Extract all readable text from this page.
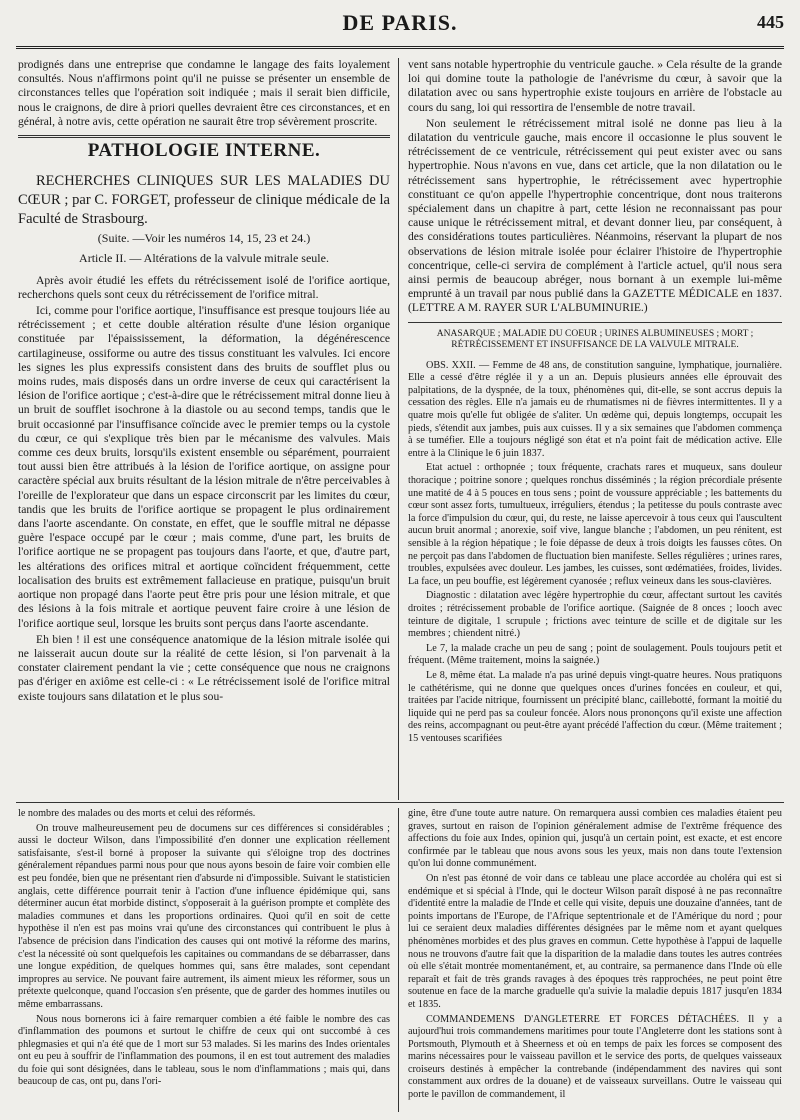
DE PARIS.	445

prodignés dans une entreprise que condamne le langage des faits loyalement consultés. Nous n'affirmons point qu'il ne puisse se présenter un ensemble de circonstances telles que l'opération soit indiquée ; mais il serait bien difficile, nous le craignons, de dire à priori quelles devraient être ces circonstances, et en général, à notre avis, cette opération ne saurait être trop sévèrement proscrite.

PATHOLOGIE INTERNE.

RECHERCHES CLINIQUES SUR LES MALADIES DU CŒUR ; par C. FORGET, professeur de clinique médicale de la Faculté de Strasbourg.

(Suite. —Voir les numéros 14, 15, 23 et 24.)
Article II. — Altérations de la valvule mitrale seule.

Après avoir étudié les effets du rétrécissement isolé de l'orifice aortique, recherchons quels sont ceux du rétrécissement de l'orifice mitral.

Ici, comme pour l'orifice aortique, l'insuffisance est presque toujours liée au rétrécissement ; et cette double altération résulte d'une lésion organique constituée par l'épaississement, la déformation, la dégénérescence cartilagineuse, ossiforme ou autre des tissus constituant les valvules. Ici encore les signes les plus expressifs consistent dans des bruits de soufflet plus ou moins rudes, mais disposés dans un ordre inverse de ceux qui caractérisent la lésion de l'orifice aortique ; c'est-à-dire que le rétrécissement mitral donne lieu à un bruit de soufflet isochrone à la diastole ou au second temps, tandis que le bruit occasionné par l'insuffisance coïncide avec le premier temps ou la cystole du cœur, ce qui s'explique très bien par le mécanisme des valvules. Mais comme ces deux bruits, lorsqu'ils existent ensemble ou séparément, pourraient tout aussi bien être attribués à la lésion de l'orifice aortique, on assigne pour caractère spécial aux bruits résultant de la lésion mitrale de n'être perceivables à l'oreille de l'explorateur que dans un espace circonscrit par les limites du cœur, tandis que les bruits de l'orifice aortique se propagent le plus ordinairement dans l'aorte ascendante. On constate, en effet, que le souffle mitral ne dépasse guère l'espace occupé par le cœur ; mais comme, d'une part, les bruits de l'orifice aortique ne se propagent pas toujours dans l'aorte, et que, d'autre part, les altérations des orifices mitral et aortique coïncident fréquemment, cette localisation des bruits est extrêmement fallacieuse en pratique, puisqu'un bruit aortique non propagé dans l'aorte peut être pris pour une lésion mitrale, et que des lésions à la fois mitrale et aortique peuvent faire croire à une lésion de l'orifice aortique seul, lorsque les bruits sont perçus dans l'aorte ascendante.

Eh bien ! il est une conséquence anatomique de la lésion mitrale isolée qui ne laisserait aucun doute sur la réalité de cette lésion, si l'on parvenait à la constater clairement pendant la vie ; cette conséquence que nous ne craignons pas d'ériger en axiôme est celle-ci : « Le rétrécissement isolé de l'orifice mitral existe toujours sans dilatation et le plus sou-

vent sans notable hypertrophie du ventricule gauche. » Cela résulte de la grande loi qui domine toute la pathologie de l'anévrisme du cœur, à savoir que la dilatation avec ou sans hypertrophie existe toujours en arrière de l'obstacle au cours du sang, loi qui ressortira de l'ensemble de notre travail.

Non seulement le rétrécissement mitral isolé ne donne pas lieu à la dilatation du ventricule gauche, mais encore il occasionne le plus souvent le rétrécissement de ce ventricule, rétrécissement qui peut exister avec ou sans hypertrophie. Nous n'avons en vue, dans cet article, que la non dilatation ou le rétrécissement sans hypertrophie, le rétrécissement avec hypertrophie constituant ce qu'on appelle l'hypertrophie concentrique, dont nous traiterons spécialement dans un chapitre à part, cette lésion ne reconnaissant pas pour cause unique le rétrécissement mitral, et devant donner lieu, par conséquent, à des considérations toutes particulières. Néanmoins, réservant la plupart de nos observations de lésion mitrale isolée pour éclairer l'histoire de l'hypertrophie concentrique, celle-ci servira de complément à l'article actuel, qu'il nous sera ainsi permis de beaucoup abréger, nous bornant à un exemple lui-même emprunté à un travail par nous publié dans la GAZETTE MÉDICALE en 1837. (LETTRE A M. RAYER SUR L'ALBUMINURIE.)

ANASARQUE ; MALADIE DU COEUR ; URINES ALBUMINEUSES ; MORT ; RÉTRÉCISSEMENT ET INSUFFISANCE DE LA VALVULE MITRALE.

OBS. XXII. — Femme de 48 ans, de constitution sanguine, lymphatique, journalière. Elle a cessé d'être réglée il y a un an. Depuis plusieurs années elle éprouvait des palpitations, de la dyspnée, de la toux, phénomènes qui, dit-elle, se sont accrus depuis la cessation des règles. Elle n'a jamais eu de rhumatismes ni de fièvres intermittentes. Il y a quatre mois qu'elle fut obligée de s'aliter. Un œdème qui, depuis longtemps, occupait les pieds, s'étendit aux jambes, puis aux cuisses. Il y a six semaines que l'abdomen commença à se tuméfier. Elle a toujours négligé son état et n'a point fait de médication active. Elle entre à la Clinique le 6 juin 1837.

Etat actuel : orthopnée ; toux fréquente, crachats rares et muqueux, sans douleur thoracique ; poitrine sonore ; quelques ronchus disséminés ; la région précordiale présente une matité de 4 à 5 pouces en tous sens ; point de voussure appréciable ; les battements du cœur sont assez forts, tumultueux, irréguliers, étendus ; la petitesse du pouls contraste avec la force d'impulsion du cœur, qui, du reste, ne laisse apercevoir à tous ceux qui l'auscultent aucun bruit anormal ; anorexie, soif vive, langue blanche ; l'abdomen, un peu rénitent, est sensible à la région hépatique ; le foie dépasse de deux à trois doigts les fausses côtes. On ne perçoit pas dans l'abdomen de fluctuation bien manifeste. Selles régulières ; urines rares, troubles, expulsées avec douleur. Les jambes, les cuisses, sont œdématiées, froides, livides. La face, un peu bouffie, est légèrement cyanosée ; reflux veineux dans les sous-clavières.

Diagnostic : dilatation avec légère hypertrophie du cœur, affectant surtout les cavités droites ; rétrécissement probable de l'orifice aortique. (Saignée de 8 onces ; looch avec teinture de digitale, 1 scrupule ; frictions avec teinture de scille et de digitale sur les membres ; chiendent nitré.)

Le 7, la malade crache un peu de sang ; point de soulagement. Pouls toujours petit et fréquent. (Même traitement, moins la saignée.)

Le 8, même état. La malade n'a pas uriné depuis vingt-quatre heures. Nous pratiquons le cathétérisme, qui ne donne que quelques onces d'urines foncées en couleur, et qui, traitées par l'acide nitrique, fournissent un précipité blanc, caillebotté, formant la moitié du liquide qui ne perd pas sa couleur foncée. Alors nous prononçons qu'il existe une affection des reins, accompagnant ou peut-être ayant précédé l'affection du cœur. (Même traitement ; 15 ventouses scarifiées

le nombre des malades ou des morts et celui des réformés.

On trouve malheureusement peu de documens sur ces différences si considérables ; aussi le docteur Wilson, dans l'impossibilité d'en donner une explication réellement satisfaisante, s'est-il borné à proposer la suivante qui s'éloigne trop des doctrines généralement répandues parmi nous pour que nous ayons besoin de faire voir combien elle est peu fondée, bien que ne présentant rien d'absurde ni d'impossible. Suivant le statisticien anglais, cette différence pourrait tenir à l'action d'une influence épidémique qui, sans déterminer aucun état morbide distinct, s'opposerait à la guérison prompte et complète des maladies communes et dans les proportions ordinaires. Quoi qu'il en soit de cette hypothèse il n'en est pas moins vrai qu'une des circonstances qui contribuent le plus à l'absence de précision dans l'indication des causes qui ont motivé la réforme des marins, c'est la nécessité où sont quelquefois les capitaines ou commandans de se débarrasser, dans une longue expédition, de quelques hommes qui, sans être malades, sont cependant impropres au service. Ne pouvant faire autrement, ils aiment mieux les réformer, sous un prétexte quelconque, quand l'occasion s'en présente, que de garder des hommes inutiles ou même embarrassans.

Nous nous bornerons ici à faire remarquer combien a été faible le nombre des cas d'inflammation des poumons et surtout le chiffre de ceux qui ont succombé à ces phlegmasies et qui n'a été que de 1 mort sur 53 malades. Si les marins des Indes orientales ont eu peu à souffrir de l'inflammation des poumons, il en est tout autrement des maladies du foie qui sont désignées, dans le tableau, sous le nom d'inflammations ; mais qui, dans beaucoup de cas, ont pu, dans l'ori-

gine, être d'une toute autre nature. On remarquera aussi combien ces maladies étaient peu graves, surtout en raison de l'opinion généralement admise de l'extrême fréquence des affections du foie aux Indes, opinion qui, jusqu'à un certain point, est exacte, et est encore confirmée par le tableau que nous avons sous les yeux, mais non dans toute l'extension qu'on lui donne communément.

On n'est pas étonné de voir dans ce tableau une place accordée au choléra qui est si endémique et si spécial à l'Inde, qui le docteur Wilson paraît disposé à ne pas reconnaître d'identité entre la maladie de l'Inde et celle qui visite, depuis une douzaine d'années, tant de points importans de l'Europe, de l'Afrique septentrionale et de l'Amérique du nord ; pour lui ce seraient deux maladies différentes désignées par le même nom et ayant quelques phénomènes morbides et des plus graves en commun. Cette hypothèse à l'appui de laquelle nous ne trouvons d'autre fait que la disparition de la maladie dans toutes les autres contrées où elle s'était montrée momentanément, et, au contraire, sa permanence dans l'Inde où elle reparaît et fait de très grands ravages à des époques très rapprochées, ne peut point être soutenue en face de la marche graduelle qu'a suivie la maladie depuis 1817 jusqu'en 1834 et 1835.

COMMANDEMENS D'ANGLETERRE ET FORCES DÉTACHÉES. Il y a aujourd'hui trois commandemens maritimes pour toute l'Angleterre dont les stations sont à Portsmouth, Plymouth et à Sheerness et où en temps de paix les forces se composent des marins nécessaires pour le vaisseau pavillon et le service des ports, de quelques vaisseaux croiseurs destinés à empêcher la contrebande (indépendamment des navires qui sont constamment aux ordres de la douane) et de vaisseaux surveillans. Outre le vaisseau qui porte le pavillon de commandement, il
